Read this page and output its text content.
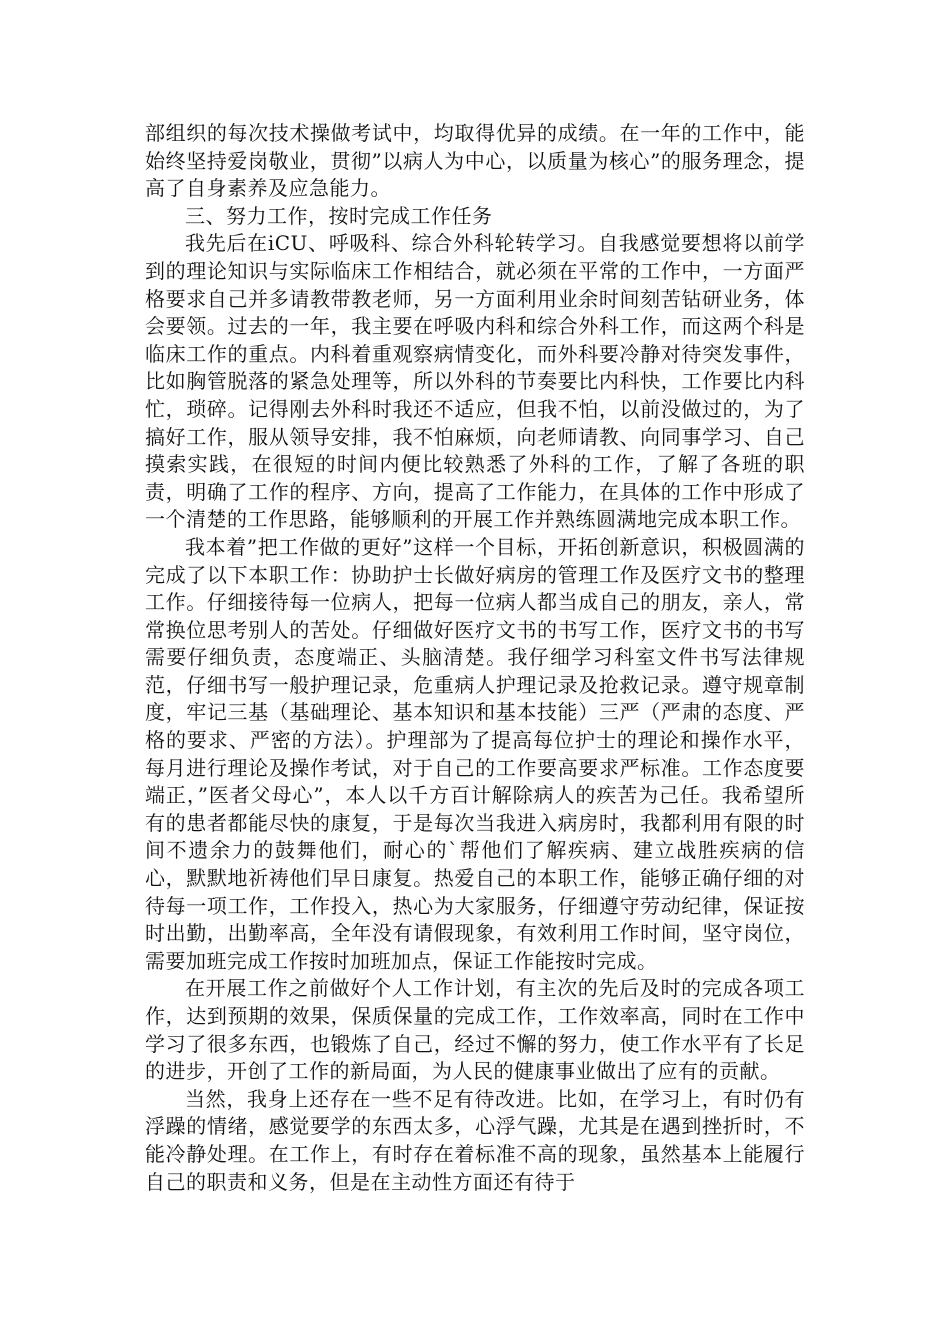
部组织的每次技术操做考试中，均取得优异的成绩。在一年的工作中，能始终坚持爱岗敬业，贯彻”以病人为中心，以质量为核心”的服务理念，提高了自身素养及应急能力。

三、努力工作，按时完成工作任务

我先后在iCU、呼吸科、综合外科轮转学习。自我感觉要想将以前学到的理论知识与实际临床工作相结合，就必须在平常的工作中，一方面严格要求自己并多请教带教老师，另一方面利用业余时间刻苦钻研业务，体会要领。过去的一年，我主要在呼吸内科和综合外科工作，而这两个科是临床工作的重点。内科着重观察病情变化，而外科要冷静对待突发事件，比如胸管脱落的紧急处理等，所以外科的节奏要比内科快，工作要比内科忙，琐碎。记得刚去外科时我还不适应，但我不怕，以前没做过的，为了搞好工作，服从领导安排，我不怕麻烦，向老师请教、向同事学习、自己摸索实践，在很短的时间内便比较熟悉了外科的工作，了解了各班的职责，明确了工作的程序、方向，提高了工作能力，在具体的工作中形成了一个清楚的工作思路，能够顺利的开展工作并熟练圆满地完成本职工作。

我本着”把工作做的更好”这样一个目标，开拓创新意识，积极圆满的完成了以下本职工作：协助护士长做好病房的管理工作及医疗文书的整理工作。仔细接待每一位病人，把每一位病人都当成自己的朋友，亲人，常常换位思考别人的苦处。仔细做好医疗文书的书写工作，医疗文书的书写需要仔细负责，态度端正、头脑清楚。我仔细学习科室文件书写法律规范，仔细书写一般护理记录，危重病人护理记录及抢救记录。遵守规章制度，牢记三基（基础理论、基本知识和基本技能）三严（严肃的态度、严格的要求、严密的方法）。护理部为了提高每位护士的理论和操作水平，每月进行理论及操作考试，对于自己的工作要高要求严标准。工作态度要端正，”医者父母心”，本人以千方百计解除病人的疾苦为己任。我希望所有的患者都能尽快的康复，于是每次当我进入病房时，我都利用有限的时间不遗余力的鼓舞他们，耐心的`帮他们了解疾病、建立战胜疾病的信心，默默地祈祷他们早日康复。热爱自己的本职工作，能够正确仔细的对待每一项工作，工作投入，热心为大家服务，仔细遵守劳动纪律，保证按时出勤，出勤率高，全年没有请假现象，有效利用工作时间，坚守岗位，需要加班完成工作按时加班加点，保证工作能按时完成。

在开展工作之前做好个人工作计划，有主次的先后及时的完成各项工作，达到预期的效果，保质保量的完成工作，工作效率高，同时在工作中学习了很多东西，也锻炼了自己，经过不懈的努力，使工作水平有了长足的进步，开创了工作的新局面，为人民的健康事业做出了应有的贡献。

当然，我身上还存在一些不足有待改进。比如，在学习上，有时仍有浮躁的情绪，感觉要学的东西太多，心浮气躁，尤其是在遇到挫折时，不能冷静处理。在工作上，有时存在着标准不高的现象，虽然基本上能履行自己的职责和义务，但是在主动性方面还有待于
